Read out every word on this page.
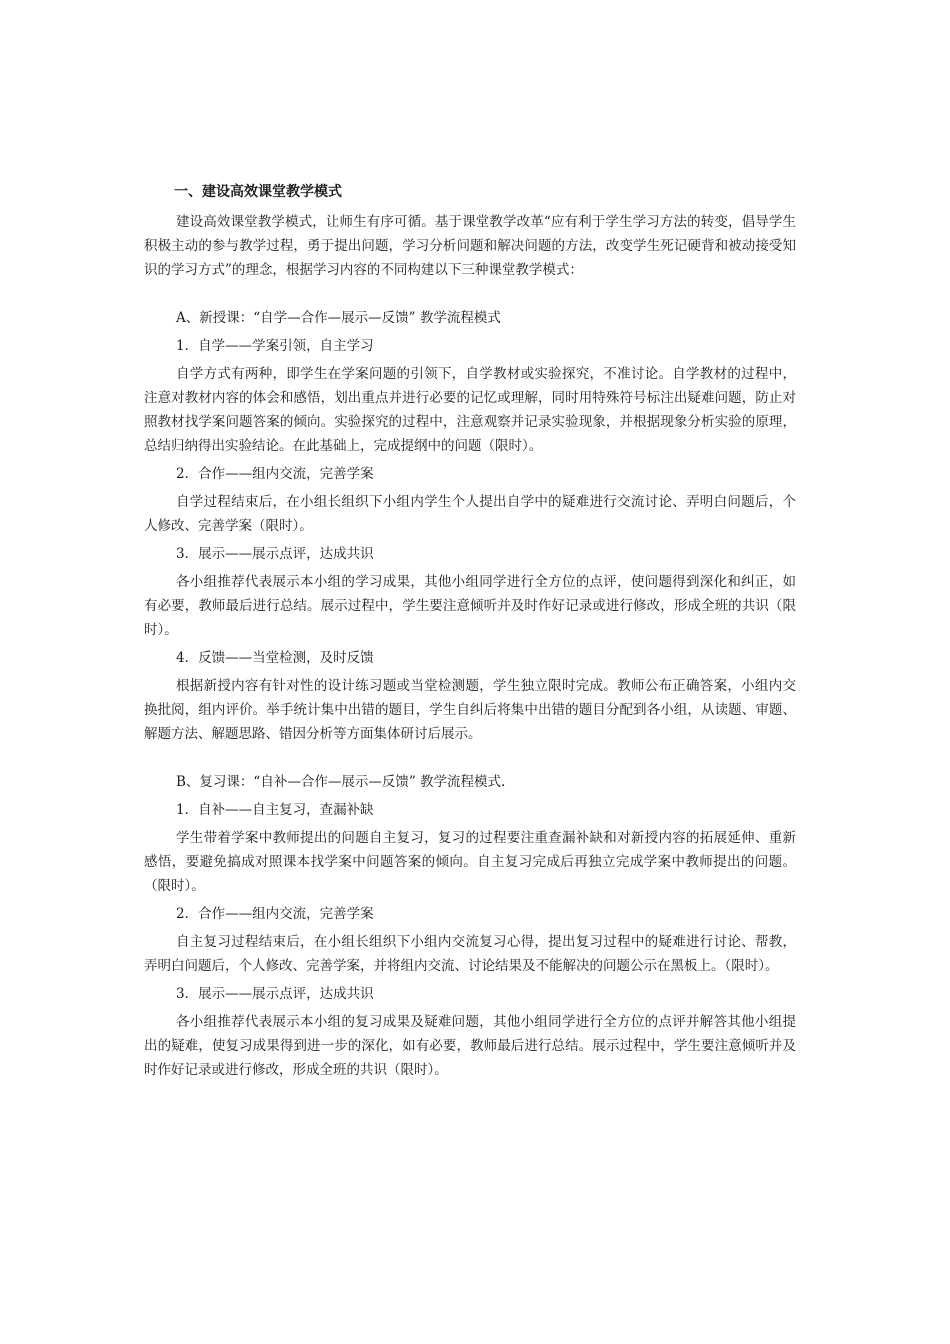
一、建设高效课堂教学模式

建设高效课堂教学模式，让师生有序可循。基于课堂教学改革“应有利于学生学习方法的转变，倡导学生积极主动的参与教学过程，勇于提出问题，学习分析问题和解决问题的方法，改变学生死记硬背和被动接受知识的学习方式”的理念，根据学习内容的不同构建以下三种课堂教学模式：

A、新授课：“自学—合作—展示—反馈” 教学流程模式

1．自学——学案引领，自主学习

自学方式有两种，即学生在学案问题的引领下，自学教材或实验探究，不准讨论。自学教材的过程中，注意对教材内容的体会和感悟，划出重点并进行必要的记忆或理解，同时用特殊符号标注出疑难问题，防止对照教材找学案问题答案的倾向。实验探究的过程中，注意观察并记录实验现象，并根据现象分析实验的原理，总结归纳得出实验结论。在此基础上，完成提纲中的问题（限时）。

2．合作——组内交流，完善学案

自学过程结束后，在小组长组织下小组内学生个人提出自学中的疑难进行交流讨论、弄明白问题后，个人修改、完善学案（限时）。

3．展示——展示点评，达成共识

各小组推荐代表展示本小组的学习成果，其他小组同学进行全方位的点评，使问题得到深化和纠正，如有必要，教师最后进行总结。展示过程中，学生要注意倾听并及时作好记录或进行修改，形成全班的共识（限时）。

4．反馈——当堂检测，及时反馈

根据新授内容有针对性的设计练习题或当堂检测题，学生独立限时完成。教师公布正确答案，小组内交换批阅，组内评价。举手统计集中出错的题目，学生自纠后将集中出错的题目分配到各小组，从读题、审题、解题方法、解题思路、错因分析等方面集体研讨后展示。

B、复习课：“自补—合作—展示—反馈” 教学流程模式.

1．自补——自主复习，查漏补缺

学生带着学案中教师提出的问题自主复习，复习的过程要注重查漏补缺和对新授内容的拓展延伸、重新感悟，要避免搞成对照课本找学案中问题答案的倾向。自主复习完成后再独立完成学案中教师提出的问题。（限时）。

2．合作——组内交流，完善学案

自主复习过程结束后，在小组长组织下小组内交流复习心得，提出复习过程中的疑难进行讨论、帮教，弄明白问题后，个人修改、完善学案，并将组内交流、讨论结果及不能解决的问题公示在黑板上。（限时）。

3．展示——展示点评，达成共识

各小组推荐代表展示本小组的复习成果及疑难问题，其他小组同学进行全方位的点评并解答其他小组提出的疑难，使复习成果得到进一步的深化，如有必要，教师最后进行总结。展示过程中，学生要注意倾听并及时作好记录或进行修改，形成全班的共识（限时）。
